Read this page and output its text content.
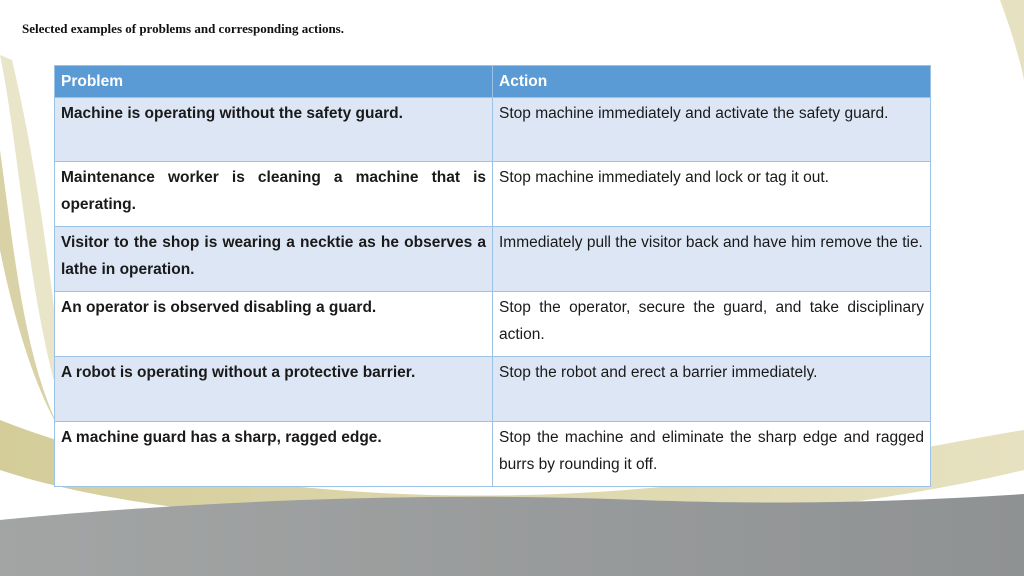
Selected examples of problems and corresponding actions.
Problem	Action
Machine is operating without the safety guard.	Stop machine immediately and activate the safety guard.
Maintenance worker is cleaning a machine that is operating.	Stop machine immediately and lock or tag it out.
Visitor to the shop is wearing a necktie as he observes a lathe in operation.	Immediately pull the visitor back and have him remove the tie.
An operator is observed disabling a guard.	Stop the operator, secure the guard, and take disciplinary action.
A robot is operating without a protective barrier.	Stop the robot and erect a barrier immediately.
A machine guard has a sharp, ragged edge.	Stop the machine and eliminate the sharp edge and ragged burrs by rounding it off.
